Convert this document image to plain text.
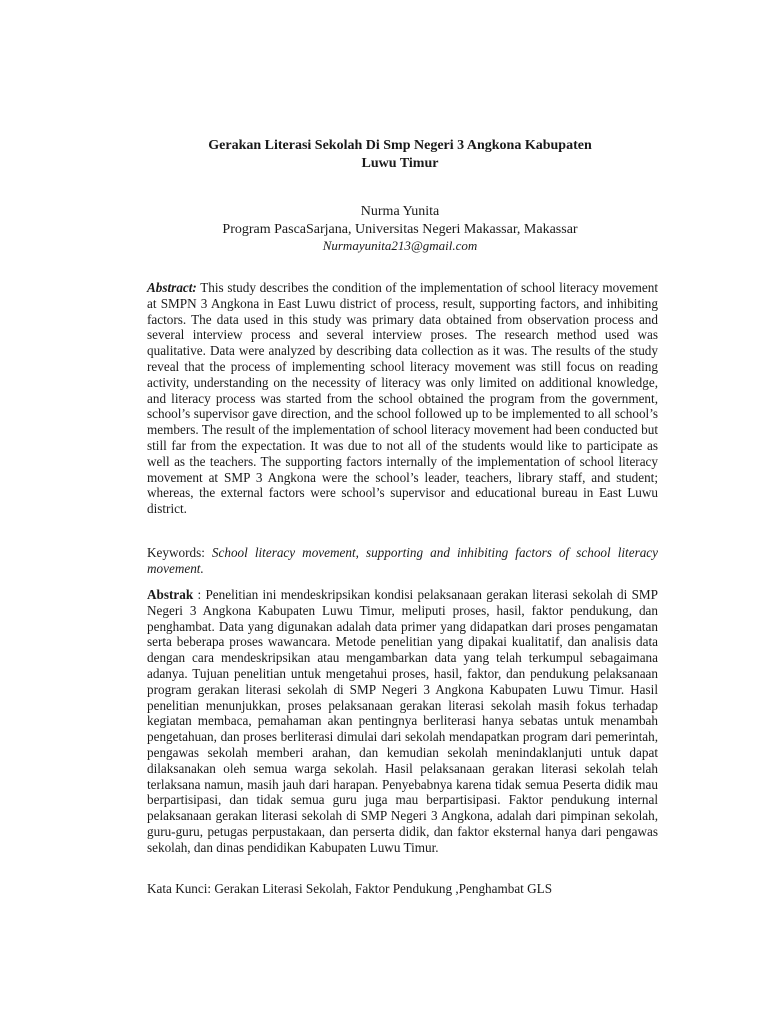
Gerakan Literasi Sekolah Di Smp Negeri 3 Angkona Kabupaten
Luwu Timur

Nurma Yunita

Program PascaSarjana, Universitas Negeri Makassar, Makassar

Nurmayunita213@gmail.com

Abstract: This study describes the condition of the implementation of school literacy movement at SMPN 3 Angkona in East Luwu district of process, result, supporting factors, and inhibiting factors. The data used in this study was primary data obtained from observation process and several interview process and several interview proses. The research method used was qualitative. Data were analyzed by describing data collection as it was. The results of the study reveal that the process of implementing school literacy movement was still focus on reading activity, understanding on the necessity of literacy was only limited on additional knowledge, and literacy process was started from the school obtained the program from the government, school’s supervisor gave direction, and the school followed up to be implemented to all school’s members. The result of the implementation of school literacy movement had been conducted but still far from the expectation. It was due to not all of the students would like to participate as well as the teachers. The supporting factors internally of the implementation of school literacy movement at SMP 3 Angkona were the school’s leader, teachers, library staff, and student; whereas, the external factors were school’s supervisor and educational bureau in East Luwu district.

Keywords: School literacy movement, supporting and inhibiting factors of school literacy movement.

Abstrak : Penelitian ini mendeskripsikan kondisi pelaksanaan gerakan literasi sekolah di SMP Negeri 3 Angkona Kabupaten Luwu Timur, meliputi proses, hasil, faktor pendukung, dan penghambat. Data yang digunakan adalah data primer yang didapatkan dari proses pengamatan serta beberapa proses wawancara. Metode penelitian yang dipakai kualitatif, dan analisis data dengan cara mendeskripsikan atau mengambarkan data yang telah terkumpul sebagaimana adanya. Tujuan penelitian untuk mengetahui proses, hasil, faktor, dan pendukung pelaksanaan program gerakan literasi sekolah di SMP Negeri 3 Angkona Kabupaten Luwu Timur. Hasil penelitian menunjukkan, proses pelaksanaan gerakan literasi sekolah masih fokus terhadap kegiatan membaca, pemahaman akan pentingnya berliterasi hanya sebatas untuk menambah pengetahuan, dan proses berliterasi dimulai dari sekolah mendapatkan program dari pemerintah, pengawas sekolah memberi arahan, dan kemudian sekolah menindaklanjuti untuk dapat dilaksanakan oleh semua warga sekolah. Hasil pelaksanaan gerakan literasi sekolah telah terlaksana namun, masih jauh dari harapan. Penyebabnya karena tidak semua Peserta didik mau berpartisipasi, dan tidak semua guru juga mau berpartisipasi. Faktor pendukung internal pelaksanaan gerakan literasi sekolah di SMP Negeri 3 Angkona, adalah dari pimpinan sekolah, guru-guru, petugas perpustakaan, dan perserta didik, dan faktor eksternal hanya dari pengawas sekolah, dan dinas pendidikan Kabupaten Luwu Timur.

Kata Kunci: Gerakan Literasi Sekolah, Faktor Pendukung ,Penghambat GLS
